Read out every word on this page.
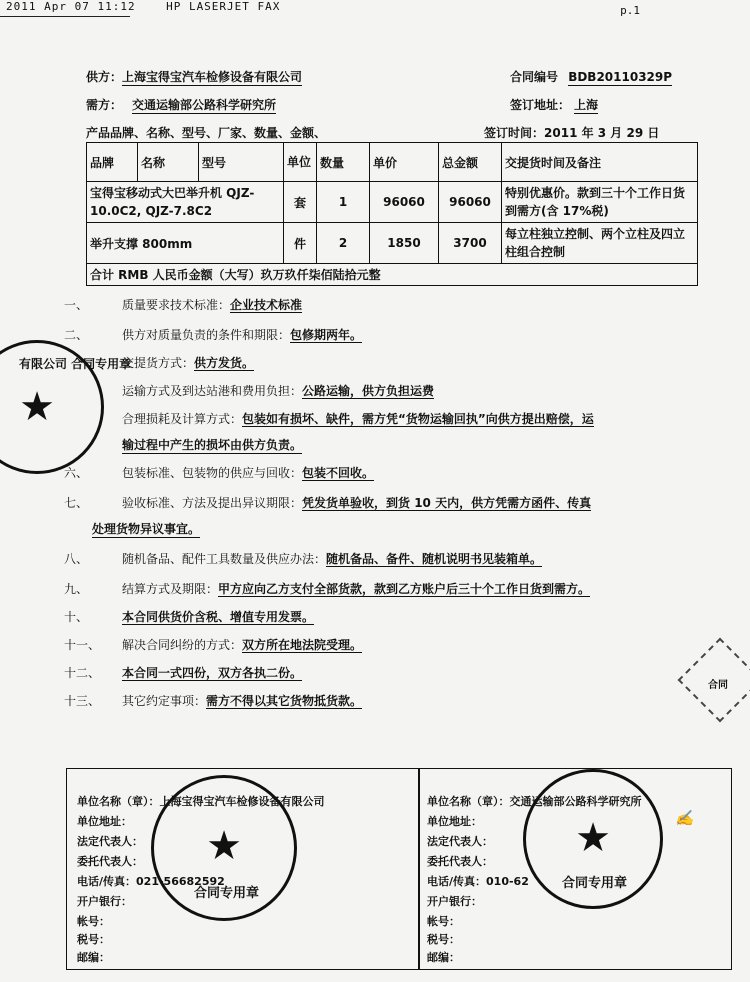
2011 Apr 07 11:12    HP LASERJET FAX	p.1
供方：上海宝得宝汽车检修设备有限公司	合同编号 BDB20110329P
需方： 交通运输部公路科学研究所	签订地址： 上海
产品品牌、名称、型号、厂家、数量、金额、	签订时间：2011 年 3 月 29 日
品牌	名称	型号	单位	数量	单价	总金额	交提货时间及备注
宝得宝移动式大巴举升机 QJZ-10.0C2, QJZ-7.8C2			套	1	96060	96060	特别优惠价。款到三十个工作日货到需方(含 17%税)
举升支撑 800mm			件	2	1850	3700	每立柱独立控制、两个立柱及四立柱组合控制
合计 RMB 人民币金额（大写）玖万玖仟柒佰陆拾元整							
一、	质量要求技术标准：企业技术标准
二、	供方对质量负责的条件和期限：包修期两年。
交提货方式：供方发货。
运输方式及到达站港和费用负担：公路运输，供方负担运费
合理损耗及计算方式：包装如有损坏、缺件，需方凭“货物运输回执”向供方提出赔偿，运
输过程中产生的损坏由供方负责。
六、	包装标准、包装物的供应与回收：包装不回收。
七、	验收标准、方法及提出异议期限：凭发货单验收，到货 10 天内，供方凭需方函件、传真
处理货物异议事宜。
八、	随机备品、配件工具数量及供应办法：随机备品、备件、随机说明书见装箱单。
九、	结算方式及期限：甲方应向乙方支付全部货款，款到乙方账户后三十个工作日货到需方。
十、	本合同供货价含税、增值专用发票。
十一、 解决合同纠纷的方式：双方所在地法院受理。
十二、 本合同一式四份，双方各执二份。
十三、 其它约定事项：需方不得以其它货物抵货款。
★
有限公司 合同专用章
合同
单位名称（章）：上海宝得宝汽车检修设备有限公司
单位地址：
法定代表人：
委托代表人：
电话/传真：021-56682592
开户银行：
帐号：
税号：
邮编：
★
合同专用章
单位名称（章）：交通运输部公路科学研究所
单位地址：
法定代表人：
委托代表人：
电话/传真：010-62
开户银行：
帐号：
税号：
邮编：
★
合同专用章
✍
